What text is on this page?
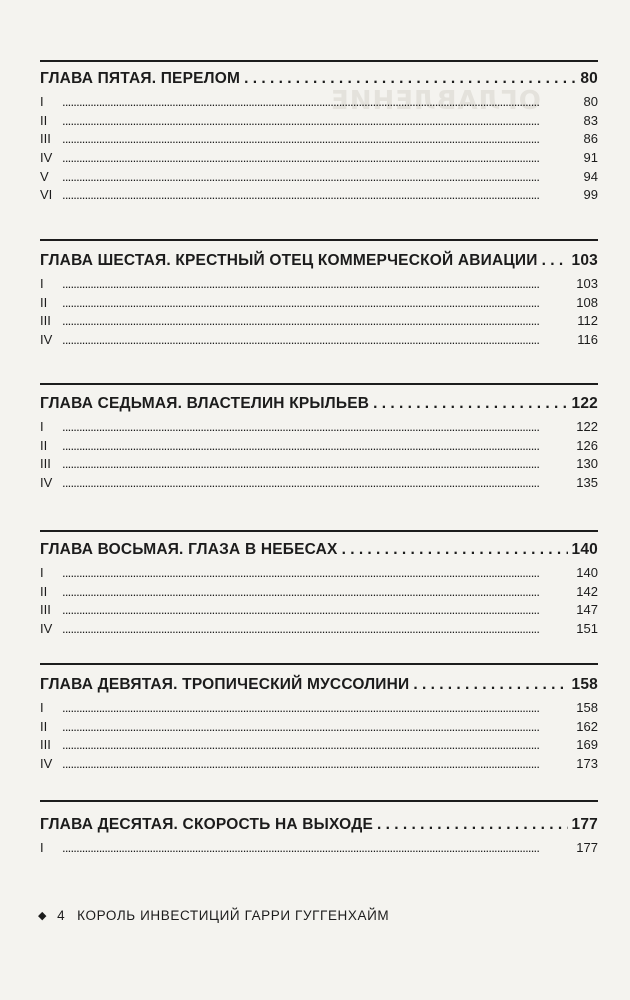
ОГЛАВЛЕНИЕ
ГЛАВА ПЯТАЯ. ПЕРЕЛОМ . . .	80
I . . .	80
II . . .	83
III . . .	86
IV . . .	91
V . . .	94
VI . . .	99
ГЛАВА ШЕСТАЯ. КРЕСТНЫЙ ОТЕЦ КОММЕРЧЕСКОЙ АВИАЦИИ . . . 103
I . . .	103
II . . .	108
III . . .	112
IV . . .	116
ГЛАВА СЕДЬМАЯ. ВЛАСТЕЛИН КРЫЛЬЕВ . . .	122
I . . .	122
II . . .	126
III . . .	130
IV . . .	135
ГЛАВА ВОСЬМАЯ. ГЛАЗА В НЕБЕСАХ . . .	140
I . . .	140
II . . .	142
III . . .	147
IV . . .	151
ГЛАВА ДЕВЯТАЯ. ТРОПИЧЕСКИЙ МУССОЛИНИ . . .	158
I . . .	158
II . . .	162
III . . .	169
IV . . .	173
ГЛАВА ДЕСЯТАЯ. СКОРОСТЬ НА ВЫХОДЕ . . .	177
I . . .	177
◆ 4 КОРОЛЬ ИНВЕСТИЦИЙ ГАРРИ ГУГГЕНХАЙМ
